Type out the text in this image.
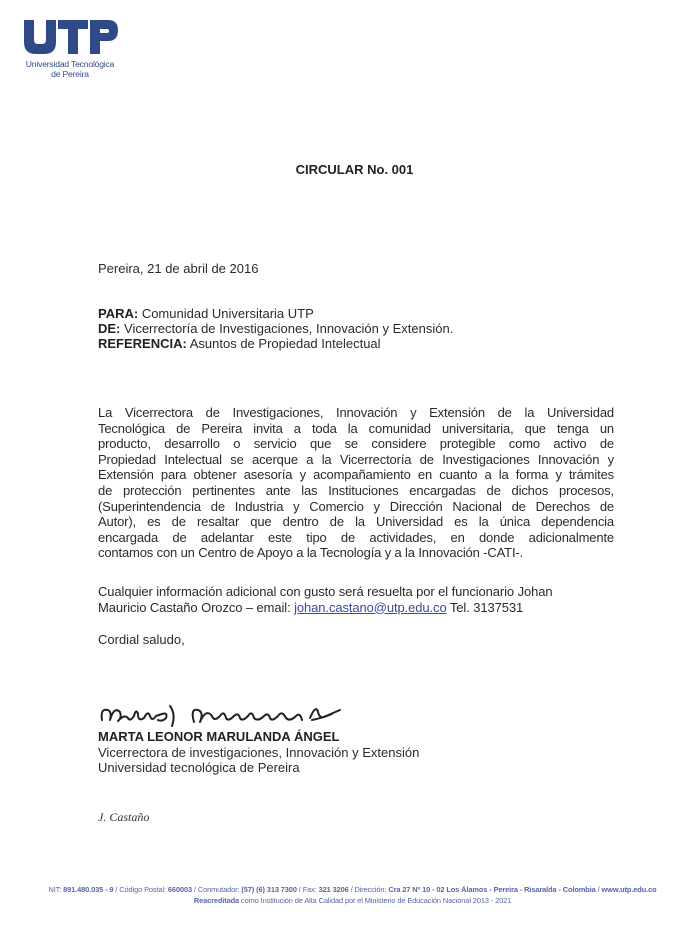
Universidad Tecnológica
de Pereira
CIRCULAR No. 001
Pereira, 21 de abril de 2016
PARA: Comunidad Universitaria UTP
DE: Vicerrectoría de Investigaciones, Innovación y Extensión.
REFERENCIA: Asuntos de Propiedad Intelectual

La Vicerrectora de Investigaciones, Innovación y Extensión de la Universidad
Tecnológica de Pereira invita a toda la comunidad universitaria, que tenga un
producto, desarrollo o servicio que se considere protegible como activo de
Propiedad Intelectual se acerque a la Vicerrectoría de Investigaciones Innovación y
Extensión para obtener asesoría y acompañamiento en cuanto a la forma y trámites
de protección pertinentes ante las Instituciones encargadas de dichos procesos,
(Superintendencia de Industria y Comercio y Dirección Nacional de Derechos de
Autor), es de resaltar que dentro de la Universidad es la única dependencia
encargada de adelantar este tipo de actividades, en donde adicionalmente
contamos con un Centro de Apoyo a la Tecnología y a la Innovación -CATI-.

Cualquier información adicional con gusto será resuelta por el funcionario Johan
Mauricio Castaño Orozco – email: johan.castano@utp.edu.co Tel. 3137531

Cordial saludo,
MARTA LEONOR MARULANDA ÁNGEL
Vicerrectora de investigaciones, Innovación y Extensión
Universidad tecnológica de Pereira
J. Castaño
NIT: 891.480.035 - 9 / Código Postal: 660003 / Conmutador: (57) (6) 313 7300 / Fax: 321 3206 / Dirección: Cra 27 Nº 10 - 02 Los Álamos - Pereira - Risaralda - Colombia / www.utp.edu.co
Reacreditada como Institución de Alta Calidad por el Ministerio de Educación Nacional 2013 - 2021
